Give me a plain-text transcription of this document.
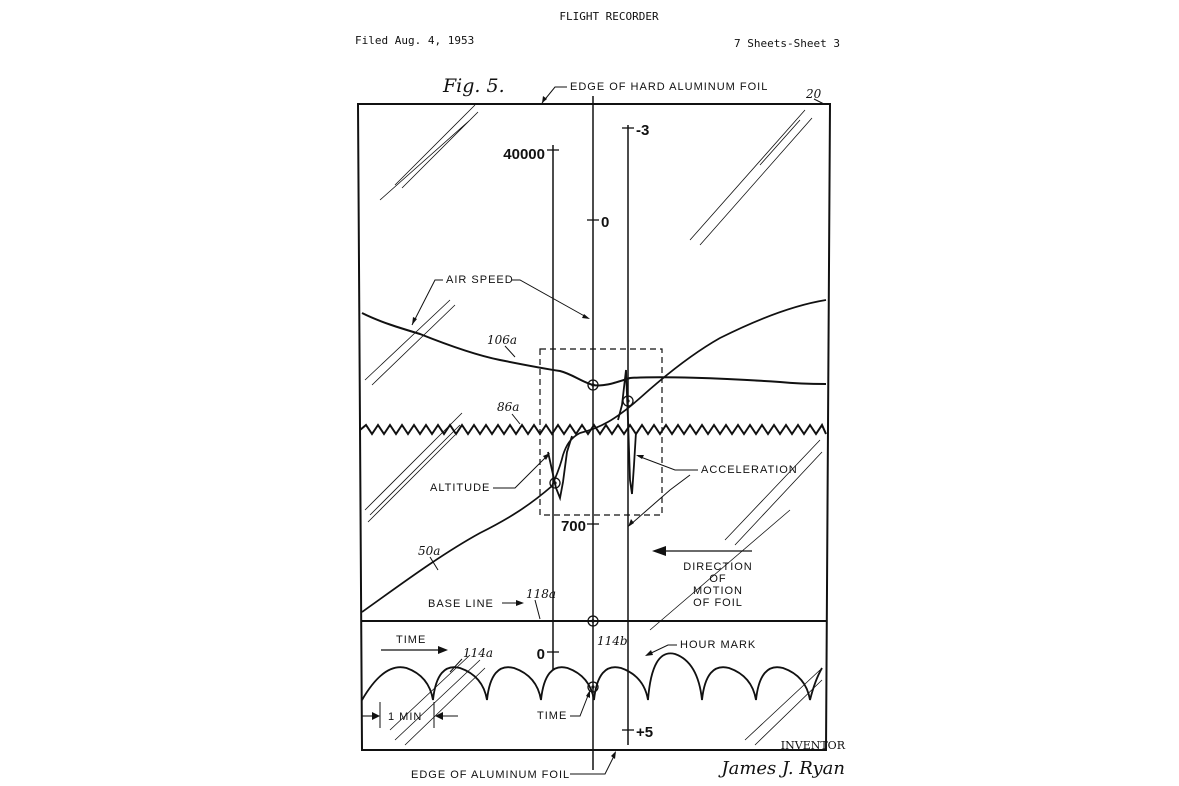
FLIGHT RECORDER
Filed Aug. 4, 1953	7 Sheets-Sheet 3
Fig. 5.	20
EDGE OF HARD ALUMINUM FOIL
40000
0
0
700
-3
+5
AIR SPEED
106a
86a
50a
ALTITUDE
ACCELERATION
DIRECTION
OF
MOTION
OF FOIL
BASE LINE
118a
TIME
114a
114b	HOUR MARK
1 MIN	TIME
EDGE OF ALUMINUM FOIL
INVENTOR
James J. Ryan
